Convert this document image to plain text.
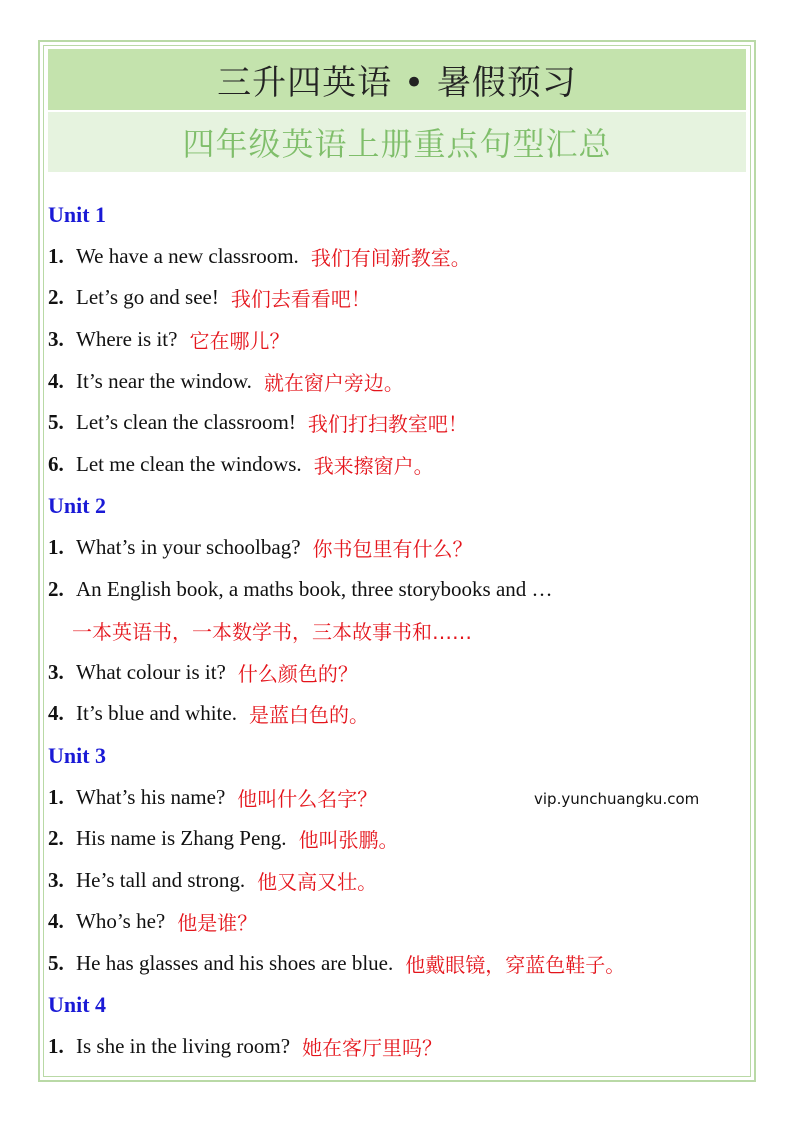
三升四英语 • 暑假预习
四年级英语上册重点句型汇总
Unit 1
1. We have a new classroom. 我们有间新教室。
2. Let’s go and see! 我们去看看吧！
3. Where is it? 它在哪儿？
4. It’s near the window. 就在窗户旁边。
5. Let’s clean the classroom! 我们打扫教室吧！
6. Let me clean the windows. 我来擦窗户。
Unit 2
1. What’s in your schoolbag? 你书包里有什么？
2. An English book, a maths book, three storybooks and …
一本英语书，一本数学书，三本故事书和……
3. What colour is it? 什么颜色的？
4. It’s blue and white. 是蓝白色的。
Unit 3
1. What’s his name? 他叫什么名字？
2. His name is Zhang Peng. 他叫张鹏。
3. He’s tall and strong. 他又高又壮。
4. Who’s he? 他是谁？
5. He has glasses and his shoes are blue. 他戴眼镜，穿蓝色鞋子。
Unit 4
1. Is she in the living room? 她在客厅里吗？
vip.yunchuangku.com
